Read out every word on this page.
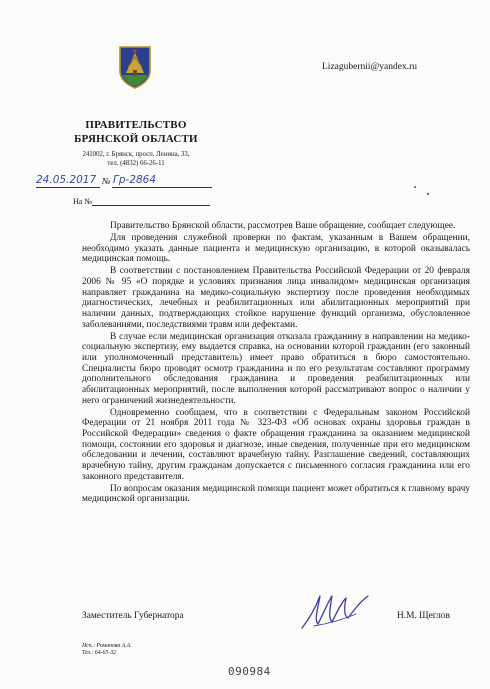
Lizagubernii@yandex.ru
ПРАВИТЕЛЬСТВО
БРЯНСКОЙ ОБЛАСТИ
241002, г. Брянск, просп. Ленина, 33,
тел. (4832) 66-26-11
24.05.2017 № Гр-2864
На №

Правительство Брянской области, рассмотрев Ваше обращение, сообщает следующее.

Для проведения служебной проверки по фактам, указанным в Вашем обращении, необходимо указать данные пациента и медицинскую организацию, в которой оказывалась медицинская помощь.

В соответствии с постановлением Правительства Российской Федерации от 20 февраля 2006 № 95 «О порядке и условиях признания лица инвалидом» медицинская организация направляет гражданина на медико-социальную экспертизу после проведения необходимых диагностических, лечебных и реабилитационных или абилитационных мероприятий при наличии данных, подтверждающих стойкое нарушение функций организма, обусловленное заболеваниями, последствиями травм или дефектами.

В случае если медицинская организация отказала гражданину в направлении на медико-социальную экспертизу, ему выдается справка, на основании которой гражданин (его законный или уполномоченный представитель) имеет право обратиться в бюро самостоятельно. Специалисты бюро проводят осмотр гражданина и по его результатам составляют программу дополнительного обследования гражданина и проведения реабилитационных или абилитационных мероприятий, после выполнения которой рассматривают вопрос о наличии у него ограничений жизнедеятельности.

Одновременно сообщаем, что в соответствии с Федеральным законом Российской Федерации от 21 ноября 2011 года № 323-ФЗ «Об основах охраны здоровья граждан в Российской Федерации» сведения о факте обращения гражданина за оказанием медицинской помощи, состоянии его здоровья и диагнозе, иные сведения, полученные при его медицинском обследовании и лечении, составляют врачебную тайну. Разглашение сведений, составляющих врачебную тайну, другим гражданам допускается с письменного согласия гражданина или его законного представителя.

По вопросам оказания медицинской помощи пациент может обратиться к главному врачу медицинской организации.

Заместитель Губернатора	Н.М. Щеглов
Исп.: Романова А.А.
Тел.: 64-65-32
090984
